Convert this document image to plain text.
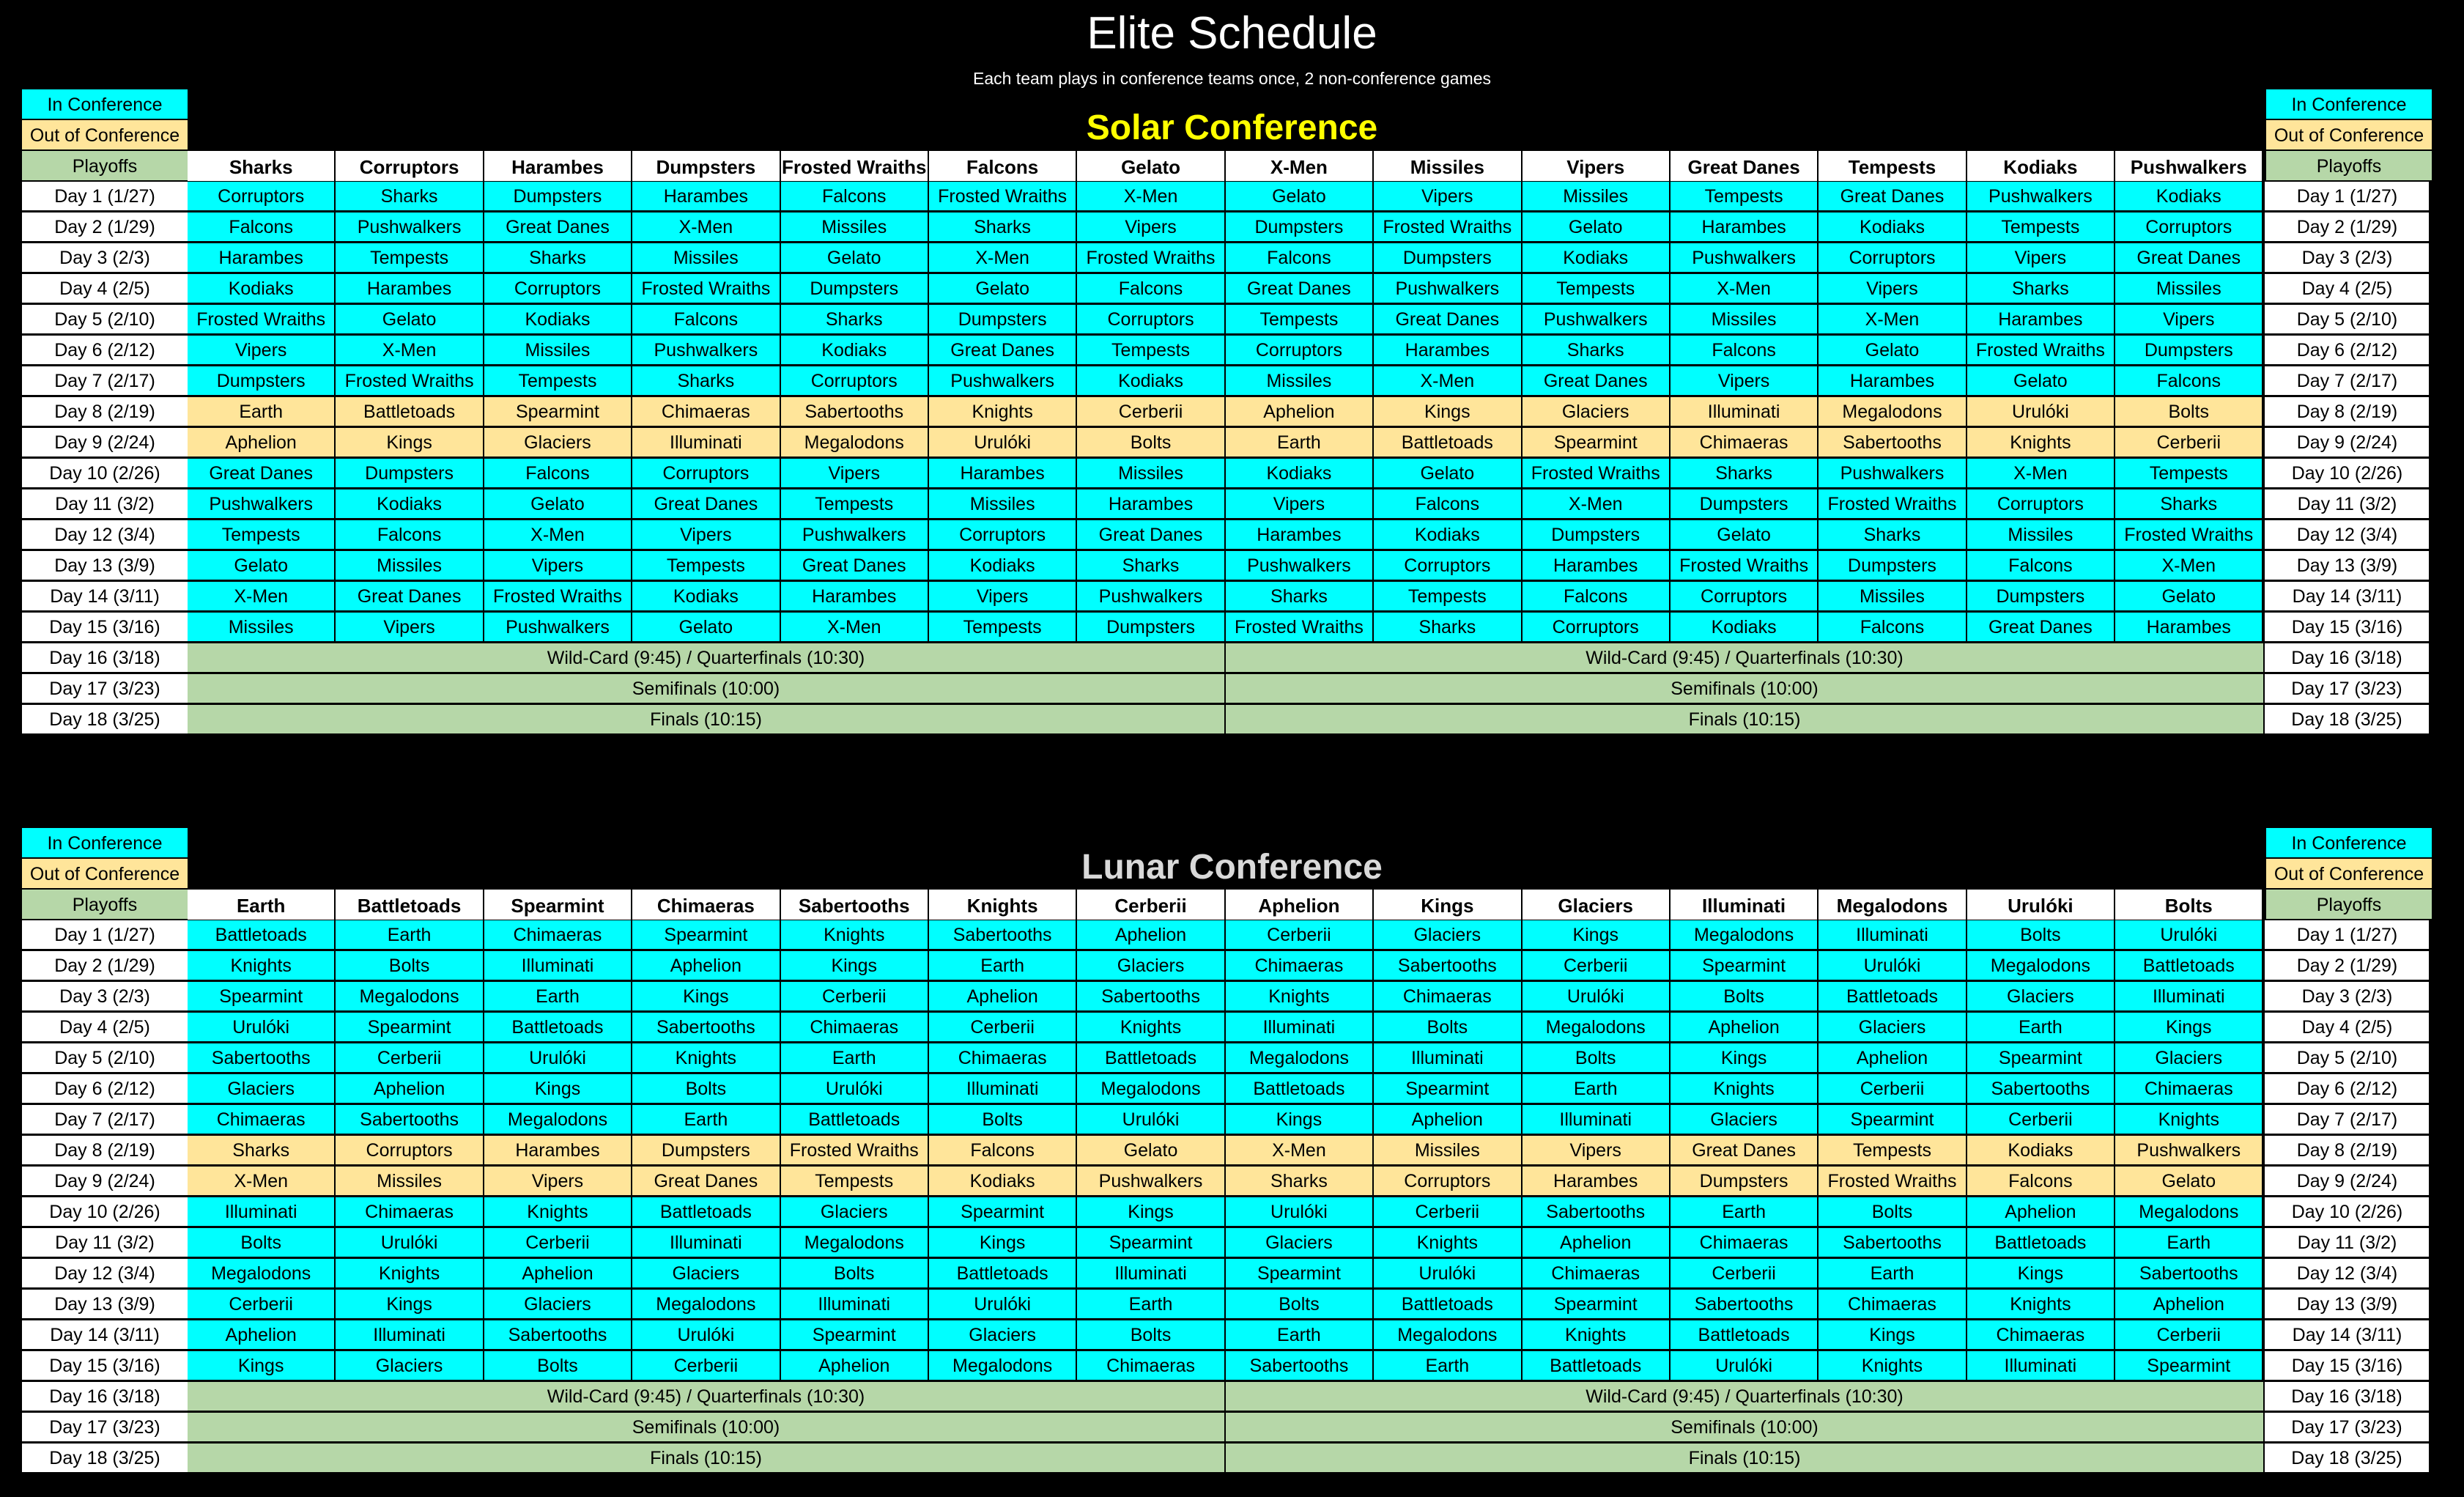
Elite Schedule
Each team plays in conference teams once, 2 non-conference games
Solar Conference
In Conference	In Conference
Out of Conference	Out of Conference
Playoffs	Playoffs
Sharks	Corruptors	Harambes	Dumpsters	Frosted Wraiths	Falcons	Gelato	X-Men	Missiles	Vipers	Great Danes	Tempests	Kodiaks	Pushwalkers
Day 1 (1/27)	Corruptors	Sharks	Dumpsters	Harambes	Falcons	Frosted Wraiths	X-Men	Gelato	Vipers	Missiles	Tempests	Great Danes	Pushwalkers	Kodiaks	Day 1 (1/27)
Day 2 (1/29)	Falcons	Pushwalkers	Great Danes	X-Men	Missiles	Sharks	Vipers	Dumpsters	Frosted Wraiths	Gelato	Harambes	Kodiaks	Tempests	Corruptors	Day 2 (1/29)
Day 3 (2/3)	Harambes	Tempests	Sharks	Missiles	Gelato	X-Men	Frosted Wraiths	Falcons	Dumpsters	Kodiaks	Pushwalkers	Corruptors	Vipers	Great Danes	Day 3 (2/3)
Day 4 (2/5)	Kodiaks	Harambes	Corruptors	Frosted Wraiths	Dumpsters	Gelato	Falcons	Great Danes	Pushwalkers	Tempests	X-Men	Vipers	Sharks	Missiles	Day 4 (2/5)
Day 5 (2/10)	Frosted Wraiths	Gelato	Kodiaks	Falcons	Sharks	Dumpsters	Corruptors	Tempests	Great Danes	Pushwalkers	Missiles	X-Men	Harambes	Vipers	Day 5 (2/10)
Day 6 (2/12)	Vipers	X-Men	Missiles	Pushwalkers	Kodiaks	Great Danes	Tempests	Corruptors	Harambes	Sharks	Falcons	Gelato	Frosted Wraiths	Dumpsters	Day 6 (2/12)
Day 7 (2/17)	Dumpsters	Frosted Wraiths	Tempests	Sharks	Corruptors	Pushwalkers	Kodiaks	Missiles	X-Men	Great Danes	Vipers	Harambes	Gelato	Falcons	Day 7 (2/17)
Day 8 (2/19)	Earth	Battletoads	Spearmint	Chimaeras	Sabertooths	Knights	Cerberii	Aphelion	Kings	Glaciers	Illuminati	Megalodons	Urulóki	Bolts	Day 8 (2/19)
Day 9 (2/24)	Aphelion	Kings	Glaciers	Illuminati	Megalodons	Urulóki	Bolts	Earth	Battletoads	Spearmint	Chimaeras	Sabertooths	Knights	Cerberii	Day 9 (2/24)
Day 10 (2/26)	Great Danes	Dumpsters	Falcons	Corruptors	Vipers	Harambes	Missiles	Kodiaks	Gelato	Frosted Wraiths	Sharks	Pushwalkers	X-Men	Tempests	Day 10 (2/26)
Day 11 (3/2)	Pushwalkers	Kodiaks	Gelato	Great Danes	Tempests	Missiles	Harambes	Vipers	Falcons	X-Men	Dumpsters	Frosted Wraiths	Corruptors	Sharks	Day 11 (3/2)
Day 12 (3/4)	Tempests	Falcons	X-Men	Vipers	Pushwalkers	Corruptors	Great Danes	Harambes	Kodiaks	Dumpsters	Gelato	Sharks	Missiles	Frosted Wraiths	Day 12 (3/4)
Day 13 (3/9)	Gelato	Missiles	Vipers	Tempests	Great Danes	Kodiaks	Sharks	Pushwalkers	Corruptors	Harambes	Frosted Wraiths	Dumpsters	Falcons	X-Men	Day 13 (3/9)
Day 14 (3/11)	X-Men	Great Danes	Frosted Wraiths	Kodiaks	Harambes	Vipers	Pushwalkers	Sharks	Tempests	Falcons	Corruptors	Missiles	Dumpsters	Gelato	Day 14 (3/11)
Day 15 (3/16)	Missiles	Vipers	Pushwalkers	Gelato	X-Men	Tempests	Dumpsters	Frosted Wraiths	Sharks	Corruptors	Kodiaks	Falcons	Great Danes	Harambes	Day 15 (3/16)
Day 16 (3/18)	Wild-Card (9:45) / Quarterfinals (10:30)	Wild-Card (9:45) / Quarterfinals (10:30)	Day 16 (3/18)
Day 17 (3/23)	Semifinals (10:00)	Semifinals (10:00)	Day 17 (3/23)
Day 18 (3/25)	Finals (10:15)	Finals (10:15)	Day 18 (3/25)
Lunar Conference
In Conference	In Conference
Out of Conference	Out of Conference
Playoffs	Playoffs
Earth	Battletoads	Spearmint	Chimaeras	Sabertooths	Knights	Cerberii	Aphelion	Kings	Glaciers	Illuminati	Megalodons	Urulóki	Bolts
Day 1 (1/27)	Battletoads	Earth	Chimaeras	Spearmint	Knights	Sabertooths	Aphelion	Cerberii	Glaciers	Kings	Megalodons	Illuminati	Bolts	Urulóki	Day 1 (1/27)
Day 2 (1/29)	Knights	Bolts	Illuminati	Aphelion	Kings	Earth	Glaciers	Chimaeras	Sabertooths	Cerberii	Spearmint	Urulóki	Megalodons	Battletoads	Day 2 (1/29)
Day 3 (2/3)	Spearmint	Megalodons	Earth	Kings	Cerberii	Aphelion	Sabertooths	Knights	Chimaeras	Urulóki	Bolts	Battletoads	Glaciers	Illuminati	Day 3 (2/3)
Day 4 (2/5)	Urulóki	Spearmint	Battletoads	Sabertooths	Chimaeras	Cerberii	Knights	Illuminati	Bolts	Megalodons	Aphelion	Glaciers	Earth	Kings	Day 4 (2/5)
Day 5 (2/10)	Sabertooths	Cerberii	Urulóki	Knights	Earth	Chimaeras	Battletoads	Megalodons	Illuminati	Bolts	Kings	Aphelion	Spearmint	Glaciers	Day 5 (2/10)
Day 6 (2/12)	Glaciers	Aphelion	Kings	Bolts	Urulóki	Illuminati	Megalodons	Battletoads	Spearmint	Earth	Knights	Cerberii	Sabertooths	Chimaeras	Day 6 (2/12)
Day 7 (2/17)	Chimaeras	Sabertooths	Megalodons	Earth	Battletoads	Bolts	Urulóki	Kings	Aphelion	Illuminati	Glaciers	Spearmint	Cerberii	Knights	Day 7 (2/17)
Day 8 (2/19)	Sharks	Corruptors	Harambes	Dumpsters	Frosted Wraiths	Falcons	Gelato	X-Men	Missiles	Vipers	Great Danes	Tempests	Kodiaks	Pushwalkers	Day 8 (2/19)
Day 9 (2/24)	X-Men	Missiles	Vipers	Great Danes	Tempests	Kodiaks	Pushwalkers	Sharks	Corruptors	Harambes	Dumpsters	Frosted Wraiths	Falcons	Gelato	Day 9 (2/24)
Day 10 (2/26)	Illuminati	Chimaeras	Knights	Battletoads	Glaciers	Spearmint	Kings	Urulóki	Cerberii	Sabertooths	Earth	Bolts	Aphelion	Megalodons	Day 10 (2/26)
Day 11 (3/2)	Bolts	Urulóki	Cerberii	Illuminati	Megalodons	Kings	Spearmint	Glaciers	Knights	Aphelion	Chimaeras	Sabertooths	Battletoads	Earth	Day 11 (3/2)
Day 12 (3/4)	Megalodons	Knights	Aphelion	Glaciers	Bolts	Battletoads	Illuminati	Spearmint	Urulóki	Chimaeras	Cerberii	Earth	Kings	Sabertooths	Day 12 (3/4)
Day 13 (3/9)	Cerberii	Kings	Glaciers	Megalodons	Illuminati	Urulóki	Earth	Bolts	Battletoads	Spearmint	Sabertooths	Chimaeras	Knights	Aphelion	Day 13 (3/9)
Day 14 (3/11)	Aphelion	Illuminati	Sabertooths	Urulóki	Spearmint	Glaciers	Bolts	Earth	Megalodons	Knights	Battletoads	Kings	Chimaeras	Cerberii	Day 14 (3/11)
Day 15 (3/16)	Kings	Glaciers	Bolts	Cerberii	Aphelion	Megalodons	Chimaeras	Sabertooths	Earth	Battletoads	Urulóki	Knights	Illuminati	Spearmint	Day 15 (3/16)
Day 16 (3/18)	Wild-Card (9:45) / Quarterfinals (10:30)	Wild-Card (9:45) / Quarterfinals (10:30)	Day 16 (3/18)
Day 17 (3/23)	Semifinals (10:00)	Semifinals (10:00)	Day 17 (3/23)
Day 18 (3/25)	Finals (10:15)	Finals (10:15)	Day 18 (3/25)
